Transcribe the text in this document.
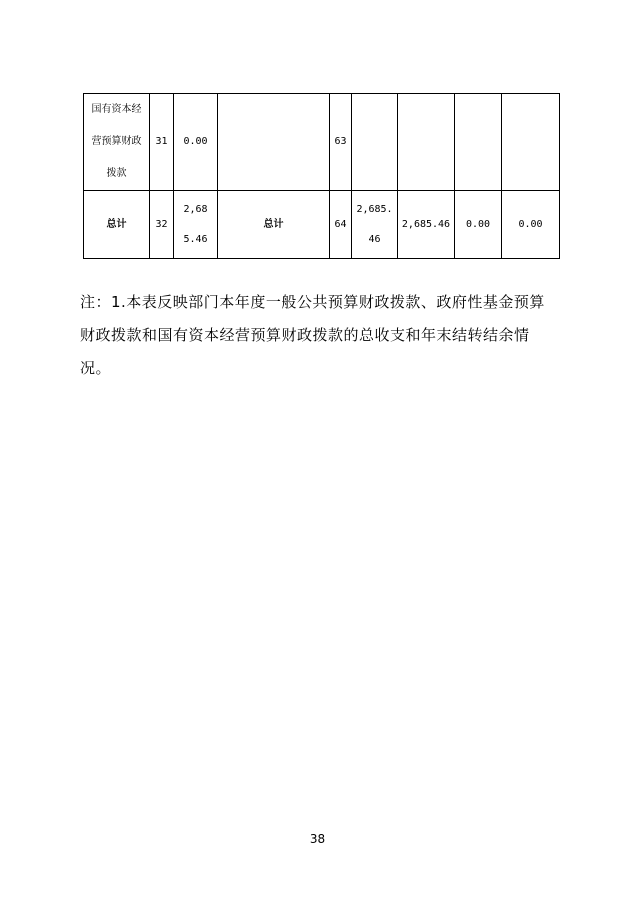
国有资本经营预算财政拨款	31	0.00		63				
总计	32	2,685.46	总计	64	2,685.46	2,685.46	0.00	0.00
注：1.本表反映部门本年度一般公共预算财政拨款、政府性基金预算财政拨款和国有资本经营预算财政拨款的总收支和年末结转结余情况。
38
